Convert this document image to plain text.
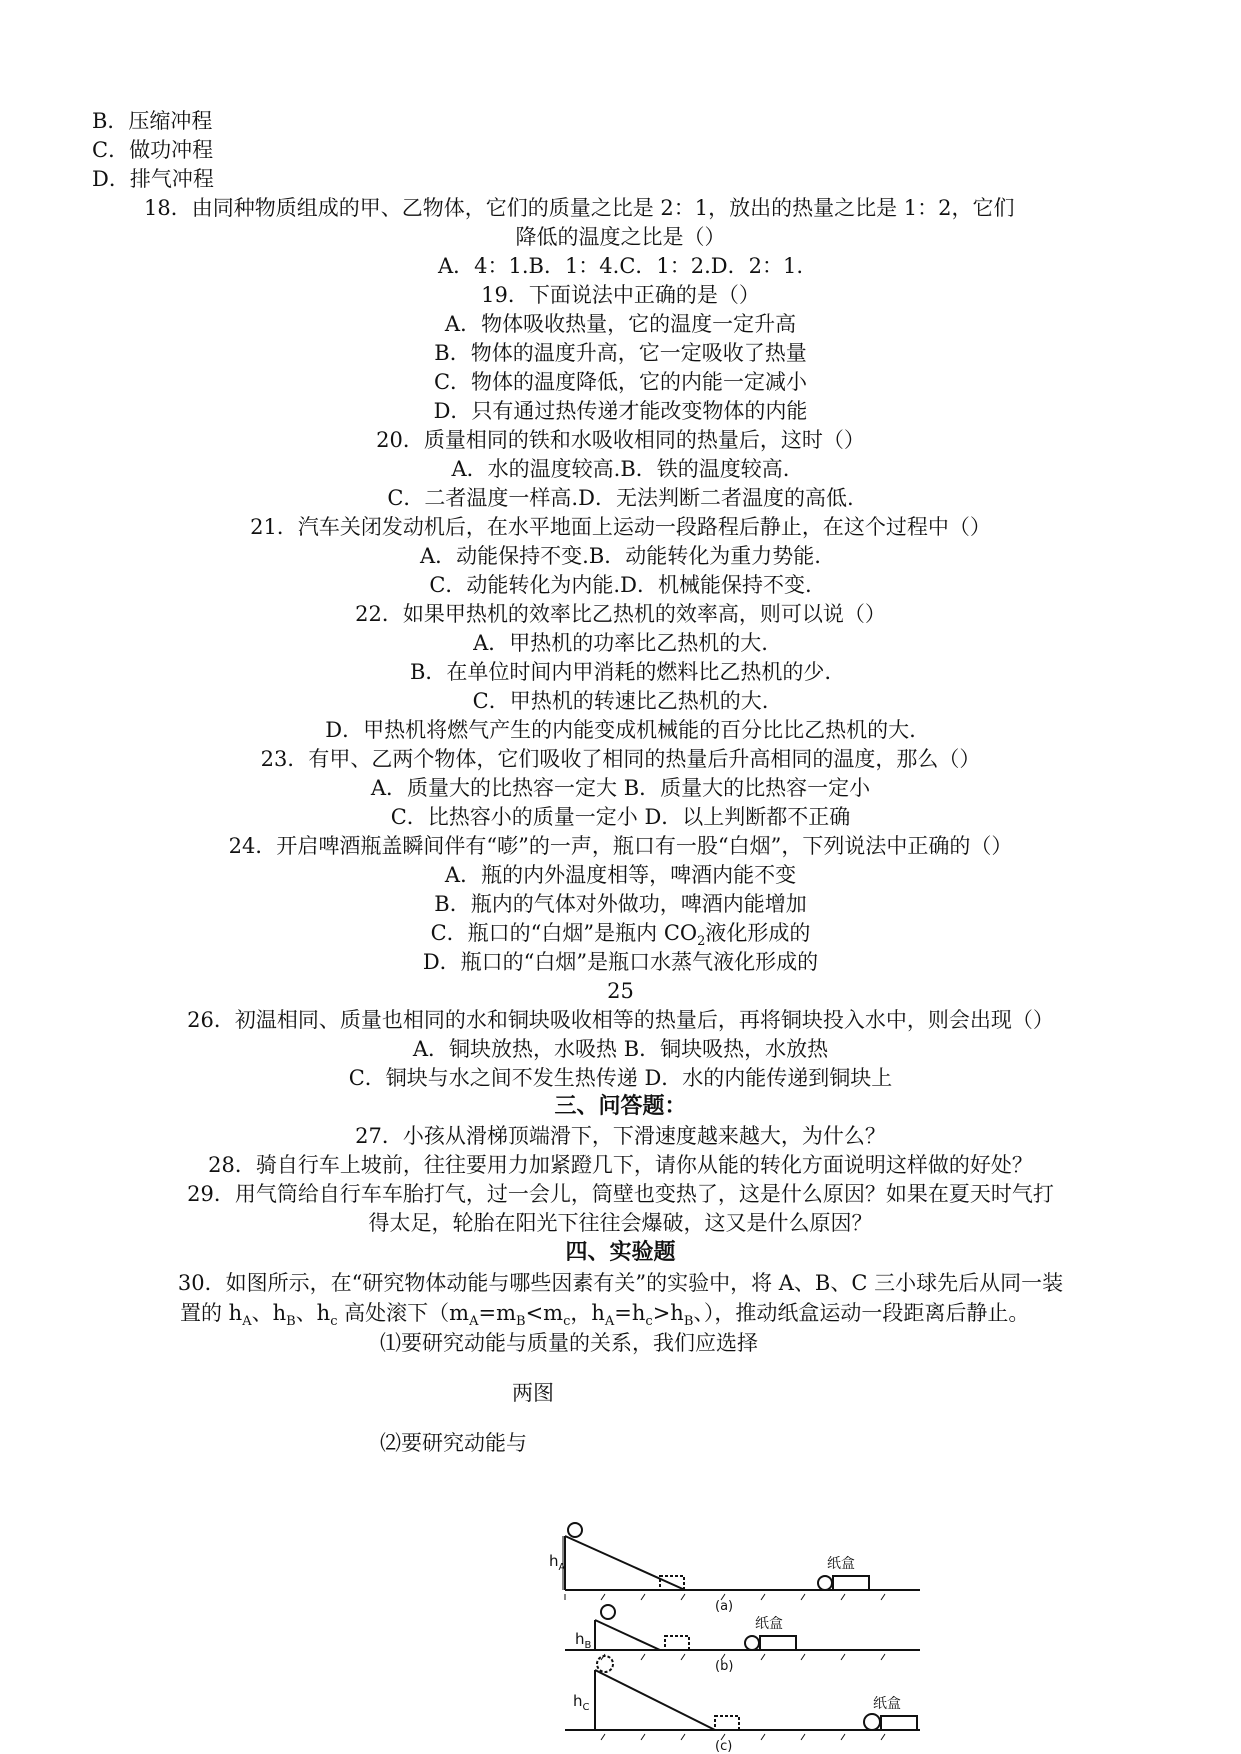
B．压缩冲程
C．做功冲程
D．排气冲程
18．由同种物质组成的甲、乙物体，它们的质量之比是 2：1，放出的热量之比是 1：2，它们
降低的温度之比是（）
A．4：1.B．1：4.C．1：2.D．2：1.
19．下面说法中正确的是（）
A．物体吸收热量，它的温度一定升高
B．物体的温度升高，它一定吸收了热量
C．物体的温度降低，它的内能一定减小
D．只有通过热传递才能改变物体的内能
20．质量相同的铁和水吸收相同的热量后，这时（）
A．水的温度较高.B．铁的温度较高.
C．二者温度一样高.D．无法判断二者温度的高低.
21．汽车关闭发动机后，在水平地面上运动一段路程后静止，在这个过程中（）
A．动能保持不变.B．动能转化为重力势能.
C．动能转化为内能.D．机械能保持不变.
22．如果甲热机的效率比乙热机的效率高，则可以说（）
A．甲热机的功率比乙热机的大.
B．在单位时间内甲消耗的燃料比乙热机的少.
C．甲热机的转速比乙热机的大.
D．甲热机将燃气产生的内能变成机械能的百分比比乙热机的大.
23．有甲、乙两个物体，它们吸收了相同的热量后升高相同的温度，那么（）
A．质量大的比热容一定大 B．质量大的比热容一定小
C．比热容小的质量一定小 D．以上判断都不正确
24．开启啤酒瓶盖瞬间伴有“嘭”的一声，瓶口有一股“白烟”，下列说法中正确的（）
A．瓶的内外温度相等，啤酒内能不变
B．瓶内的气体对外做功，啤酒内能增加
C．瓶口的“白烟”是瓶内 $CO_2$液化形成的
D．瓶口的“白烟”是瓶口水蒸气液化形成的
25
26．初温相同、质量也相同的水和铜块吸收相等的热量后，再将铜块投入水中，则会出现（）
A．铜块放热，水吸热 B．铜块吸热，水放热
C．铜块与水之间不发生热传递 D．水的内能传递到铜块上
三、问答题：
27．小孩从滑梯顶端滑下，下滑速度越来越大，为什么？
28．骑自行车上坡前，往往要用力加紧蹬几下，请你从能的转化方面说明这样做的好处？
29．用气筒给自行车车胎打气，过一会儿，筒壁也变热了，这是什么原因？如果在夏天时气打
得太足，轮胎在阳光下往往会爆破，这又是什么原因？
四、实验题
30．如图所示，在“研究物体动能与哪些因素有关”的实验中，将 A、B、C 三小球先后从同一装
置的 $h_A$、$h_B$、$h_c$ 高处滚下（$m_A=m_B<m_c$，$h_A=h_c>h_B$、），推动纸盒运动一段距离后静止。
⑴要研究动能与质量的关系，我们应选择
两图
⑵要研究动能与
$h_A$
$h_B$
$h_C$
纸盒
纸盒
纸盒
(a)
(b)
(c)
